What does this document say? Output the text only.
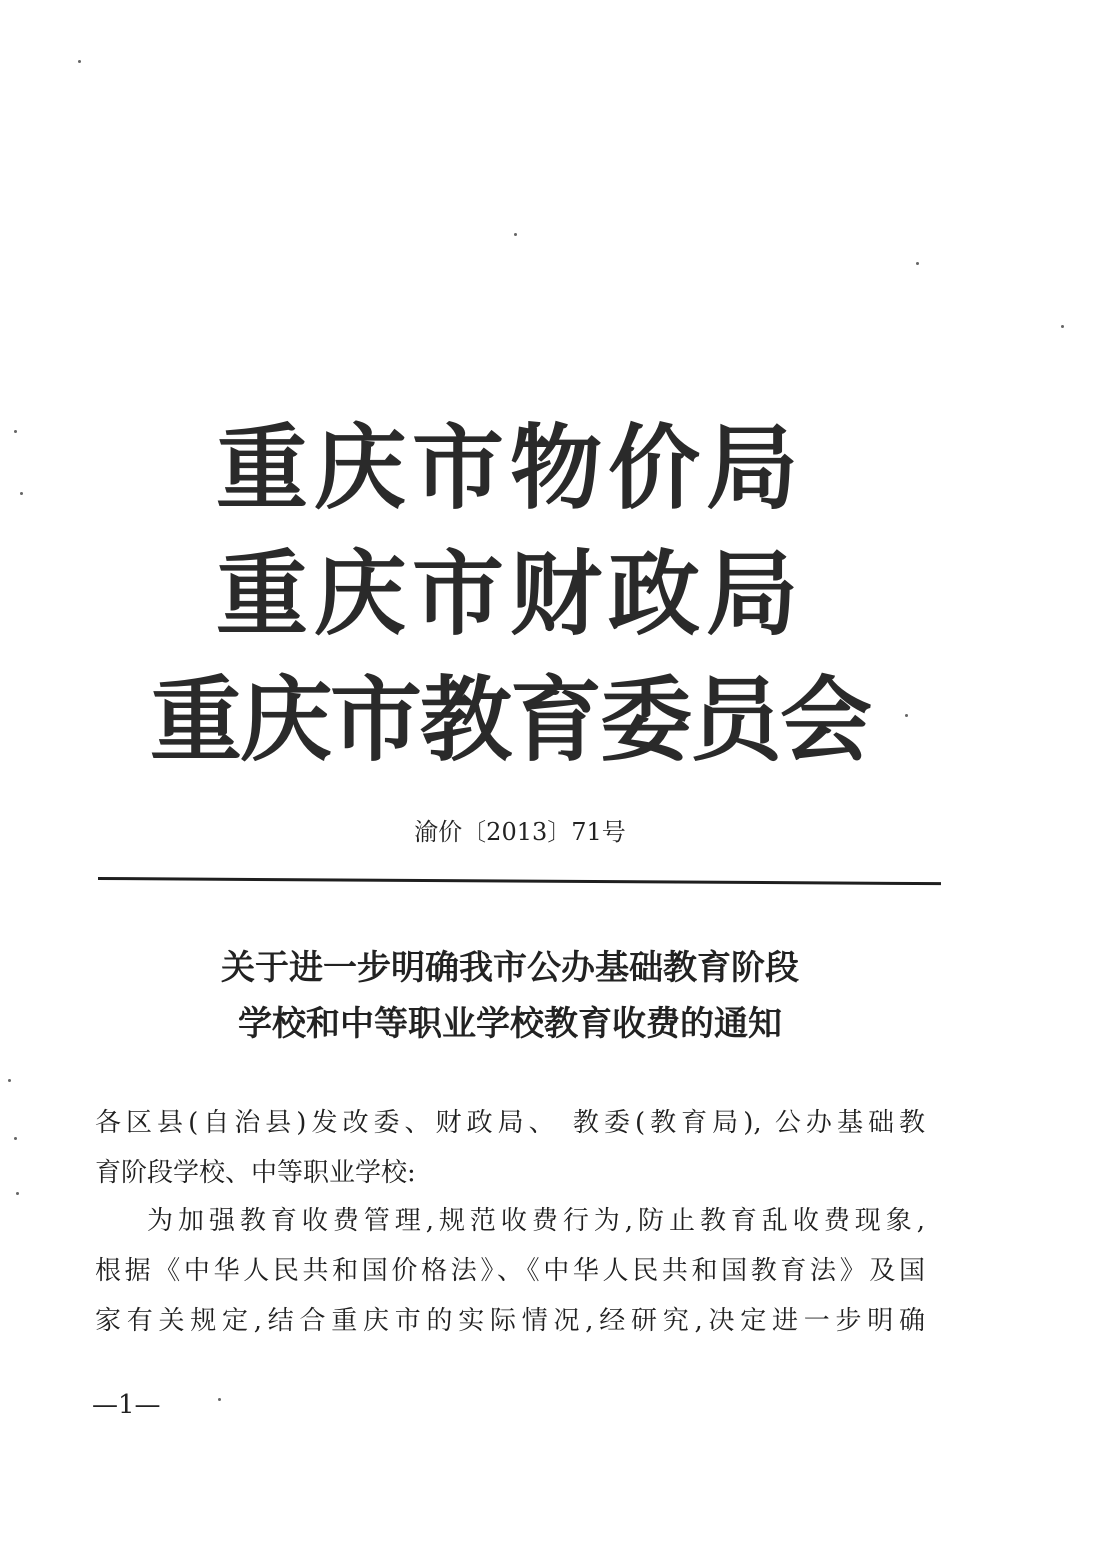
重庆市物价局
重庆市财政局
重庆市教育委员会
渝价〔2013〕71号
关于进一步明确我市公办基础教育阶段
学校和中等职业学校教育收费的通知
各区县(自治县)发改委、财政局、 教委(教育局), 公办基础教
育阶段学校、中等职业学校:
为加强教育收费管理,规范收费行为,防止教育乱收费现象,
根据《中华人民共和国价格法》、《中华人民共和国教育法》及国
家有关规定,结合重庆市的实际情况,经研究,决定进一步明确
—1—
